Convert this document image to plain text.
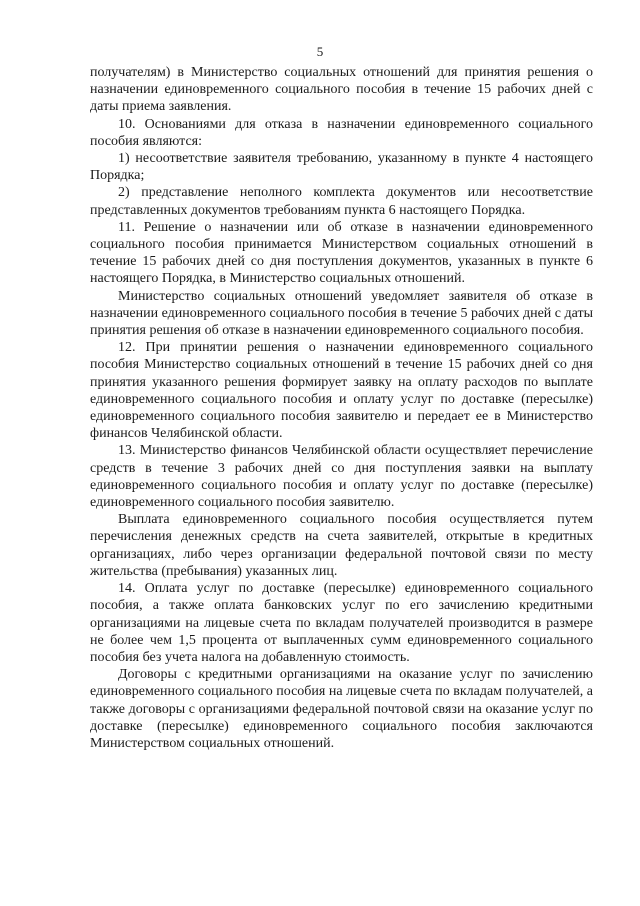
5

получателям) в Министерство социальных отношений для принятия решения о назначении единовременного социального пособия в течение 15 рабочих дней с даты приема заявления.

10. Основаниями для отказа в назначении единовременного социального пособия являются:

1) несоответствие заявителя требованию, указанному в пункте 4 настоящего Порядка;

2) представление неполного комплекта документов или несоответствие представленных документов требованиям пункта 6 настоящего Порядка.

11. Решение о назначении или об отказе в назначении единовременного социального пособия принимается Министерством социальных отношений в течение 15 рабочих дней со дня поступления документов, указанных в пункте 6 настоящего Порядка, в Министерство социальных отношений.

Министерство социальных отношений уведомляет заявителя об отказе в назначении единовременного социального пособия в течение 5 рабочих дней с даты принятия решения об отказе в назначении единовременного социального пособия.

12. При принятии решения о назначении единовременного социального пособия Министерство социальных отношений в течение 15 рабочих дней со дня принятия указанного решения формирует заявку на оплату расходов по выплате единовременного социального пособия и оплату услуг по доставке (пересылке) единовременного социального пособия заявителю и передает ее в Министерство финансов Челябинской области.

13. Министерство финансов Челябинской области осуществляет перечисление средств в течение 3 рабочих дней со дня поступления заявки на выплату единовременного социального пособия и оплату услуг по доставке (пересылке) единовременного социального пособия заявителю.

Выплата единовременного социального пособия осуществляется путем перечисления денежных средств на счета заявителей, открытые в кредитных организациях, либо через организации федеральной почтовой связи по месту жительства (пребывания) указанных лиц.

14. Оплата услуг по доставке (пересылке) единовременного социального пособия, а также оплата банковских услуг по его зачислению кредитными организациями на лицевые счета по вкладам получателей производится в размере не более чем 1,5 процента от выплаченных сумм единовременного социального пособия без учета налога на добавленную стоимость.

Договоры с кредитными организациями на оказание услуг по зачислению единовременного социального пособия на лицевые счета по вкладам получателей, а также договоры с организациями федеральной почтовой связи на оказание услуг по доставке (пересылке) единовременного социального пособия заключаются Министерством социальных отношений.
